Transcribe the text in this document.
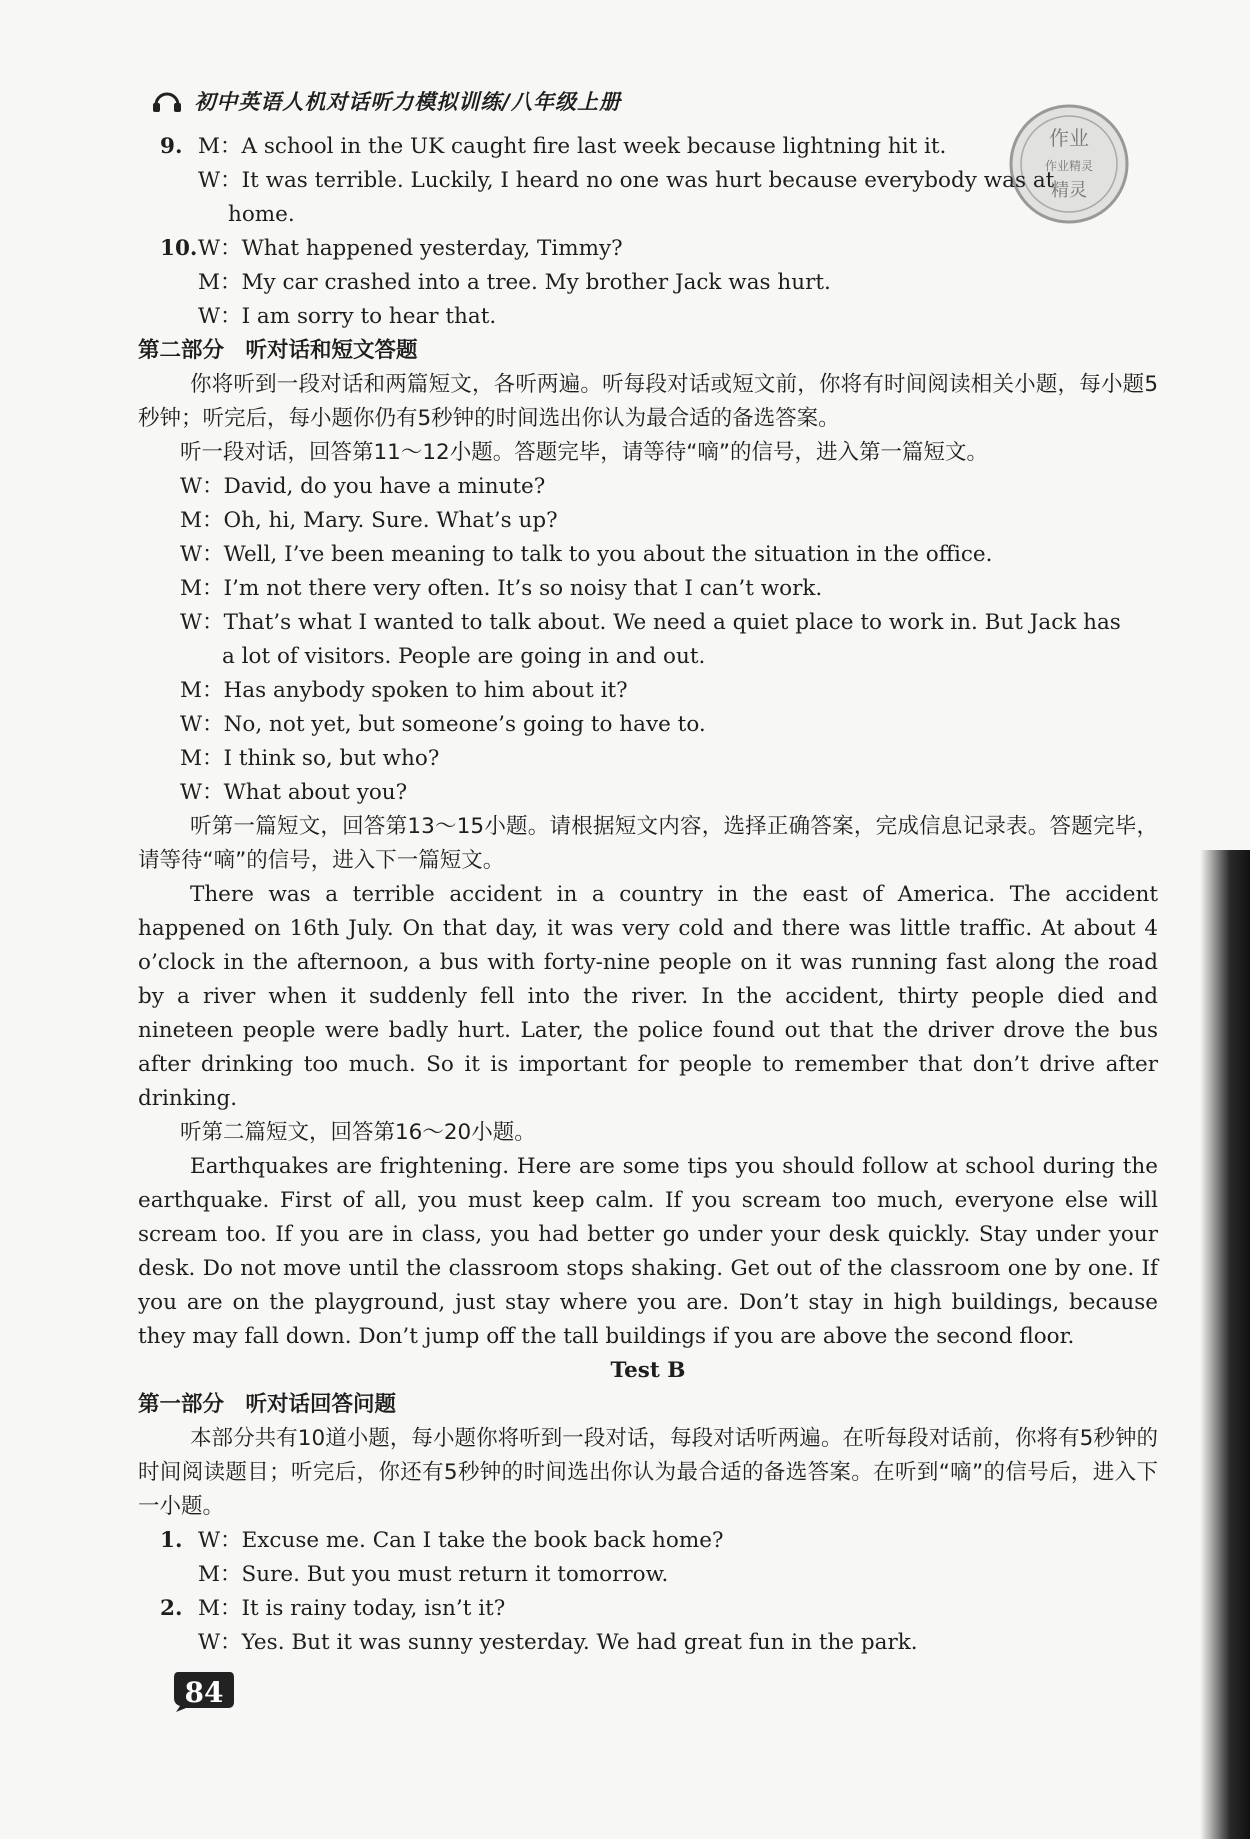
初中英语人机对话听力模拟训练/八年级上册
作业
作业精灵
精灵
9. M：A school in the UK caught fire last week because lightning hit it.
W：It was terrible. Luckily, I heard no one was hurt because everybody was at
home.
10.W：What happened yesterday, Timmy?
M：My car crashed into a tree. My brother Jack was hurt.
W：I am sorry to hear that.
第二部分　听对话和短文答题
你将听到一段对话和两篇短文，各听两遍。听每段对话或短文前，你将有时间阅读相关小题，每小题5秒钟；听完后，每小题你仍有5秒钟的时间选出你认为最合适的备选答案。
听一段对话，回答第11～12小题。答题完毕，请等待“嘀”的信号，进入第一篇短文。
W：David, do you have a minute?
M：Oh, hi, Mary. Sure. What’s up?
W：Well, I’ve been meaning to talk to you about the situation in the office.
M：I’m not there very often. It’s so noisy that I can’t work.
W：That’s what I wanted to talk about. We need a quiet place to work in. But Jack has
a lot of visitors. People are going in and out.
M：Has anybody spoken to him about it?
W：No, not yet, but someone’s going to have to.
M：I think so, but who?
W：What about you?
听第一篇短文，回答第13～15小题。请根据短文内容，选择正确答案，完成信息记录表。答题完毕，请等待“嘀”的信号，进入下一篇短文。
There was a terrible accident in a country in the east of America. The accident happened on 16th July. On that day, it was very cold and there was little traffic. At about 4 o’clock in the afternoon, a bus with forty-nine people on it was running fast along the road by a river when it suddenly fell into the river. In the accident, thirty people died and nineteen people were badly hurt. Later, the police found out that the driver drove the bus after drinking too much. So it is important for people to remember that don’t drive after drinking.
听第二篇短文，回答第16～20小题。
Earthquakes are frightening. Here are some tips you should follow at school during the earthquake. First of all, you must keep calm. If you scream too much, everyone else will scream too. If you are in class, you had better go under your desk quickly. Stay under your desk. Do not move until the classroom stops shaking. Get out of the classroom one by one. If you are on the playground, just stay where you are. Don’t stay in high buildings, because they may fall down. Don’t jump off the tall buildings if you are above the second floor.
Test B
第一部分　听对话回答问题
本部分共有10道小题，每小题你将听到一段对话，每段对话听两遍。在听每段对话前，你将有5秒钟的时间阅读题目；听完后，你还有5秒钟的时间选出你认为最合适的备选答案。在听到“嘀”的信号后，进入下一小题。
1. W：Excuse me. Can I take the book back home?
M：Sure. But you must return it tomorrow.
2. M：It is rainy today, isn’t it?
W：Yes. But it was sunny yesterday. We had great fun in the park.
84
